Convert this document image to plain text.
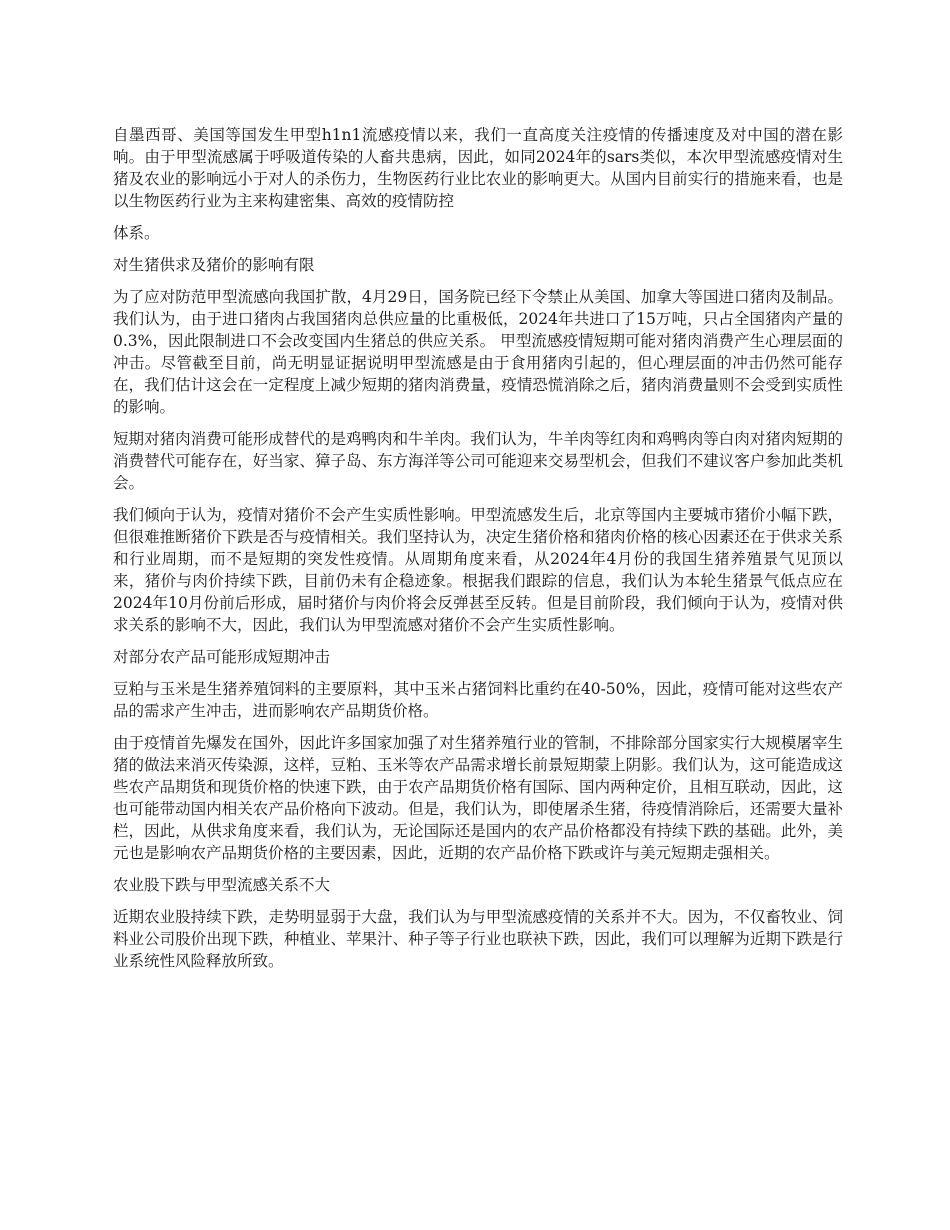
自墨西哥、美国等国发生甲型h1n1流感疫情以来，我们一直高度关注疫情的传播速度及对中国的潜在影响。由于甲型流感属于呼吸道传染的人畜共患病，因此，如同2024年的sars类似，本次甲型流感疫情对生猪及农业的影响远小于对人的杀伤力，生物医药行业比农业的影响更大。从国内目前实行的措施来看，也是以生物医药行业为主来构建密集、高效的疫情防控

体系。

对生猪供求及猪价的影响有限

为了应对防范甲型流感向我国扩散，4月29日，国务院已经下令禁止从美国、加拿大等国进口猪肉及制品。我们认为，由于进口猪肉占我国猪肉总供应量的比重极低，2024年共进口了15万吨，只占全国猪肉产量的0.3%，因此限制进口不会改变国内生猪总的供应关系。 甲型流感疫情短期可能对猪肉消费产生心理层面的冲击。尽管截至目前，尚无明显证据说明甲型流感是由于食用猪肉引起的，但心理层面的冲击仍然可能存在，我们估计这会在一定程度上减少短期的猪肉消费量，疫情恐慌消除之后，猪肉消费量则不会受到实质性的影响。

短期对猪肉消费可能形成替代的是鸡鸭肉和牛羊肉。我们认为，牛羊肉等红肉和鸡鸭肉等白肉对猪肉短期的消费替代可能存在，好当家、獐子岛、东方海洋等公司可能迎来交易型机会，但我们不建议客户参加此类机会。

我们倾向于认为，疫情对猪价不会产生实质性影响。甲型流感发生后，北京等国内主要城市猪价小幅下跌，但很难推断猪价下跌是否与疫情相关。我们坚持认为，决定生猪价格和猪肉价格的核心因素还在于供求关系和行业周期，而不是短期的突发性疫情。从周期角度来看，从2024年4月份的我国生猪养殖景气见顶以来，猪价与肉价持续下跌，目前仍未有企稳迹象。根据我们跟踪的信息，我们认为本轮生猪景气低点应在2024年10月份前后形成，届时猪价与肉价将会反弹甚至反转。但是目前阶段，我们倾向于认为，疫情对供求关系的影响不大，因此，我们认为甲型流感对猪价不会产生实质性影响。

对部分农产品可能形成短期冲击

豆粕与玉米是生猪养殖饲料的主要原料，其中玉米占猪饲料比重约在40-50%，因此，疫情可能对这些农产品的需求产生冲击，进而影响农产品期货价格。

由于疫情首先爆发在国外，因此许多国家加强了对生猪养殖行业的管制，不排除部分国家实行大规模屠宰生猪的做法来消灭传染源，这样，豆粕、玉米等农产品需求增长前景短期蒙上阴影。我们认为，这可能造成这些农产品期货和现货价格的快速下跌，由于农产品期货价格有国际、国内两种定价，且相互联动，因此，这也可能带动国内相关农产品价格向下波动。但是，我们认为，即使屠杀生猪，待疫情消除后，还需要大量补栏，因此，从供求角度来看，我们认为，无论国际还是国内的农产品价格都没有持续下跌的基础。此外，美元也是影响农产品期货价格的主要因素，因此，近期的农产品价格下跌或许与美元短期走强相关。

农业股下跌与甲型流感关系不大

近期农业股持续下跌，走势明显弱于大盘，我们认为与甲型流感疫情的关系并不大。因为，不仅畜牧业、饲料业公司股价出现下跌，种植业、苹果汁、种子等子行业也联袂下跌，因此，我们可以理解为近期下跌是行业系统性风险释放所致。
